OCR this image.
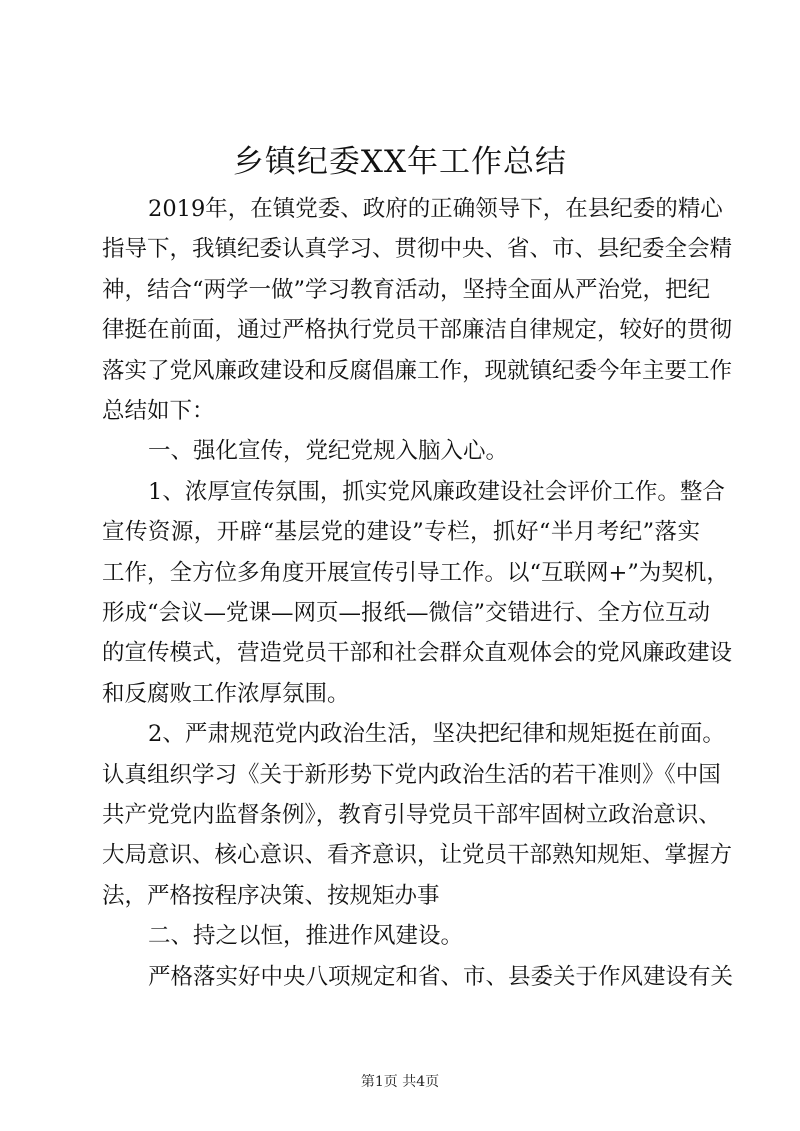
乡镇纪委XX年工作总结

2019年，在镇党委、政府的正确领导下，在县纪委的精心

指导下，我镇纪委认真学习、贯彻中央、省、市、县纪委全会精

神，结合“两学一做”学习教育活动，坚持全面从严治党，把纪

律挺在前面，通过严格执行党员干部廉洁自律规定，较好的贯彻

落实了党风廉政建设和反腐倡廉工作，现就镇纪委今年主要工作

总结如下：

一、强化宣传，党纪党规入脑入心。

1、浓厚宣传氛围，抓实党风廉政建设社会评价工作。整合

宣传资源，开辟“基层党的建设”专栏，抓好“半月考纪”落实

工作，全方位多角度开展宣传引导工作。以“互联网+”为契机，

形成“会议—党课—网页—报纸—微信”交错进行、全方位互动

的宣传模式，营造党员干部和社会群众直观体会的党风廉政建设

和反腐败工作浓厚氛围。

2、严肃规范党内政治生活，坚决把纪律和规矩挺在前面。

认真组织学习《关于新形势下党内政治生活的若干准则》《中国

共产党党内监督条例》，教育引导党员干部牢固树立政治意识、

大局意识、核心意识、看齐意识，让党员干部熟知规矩、掌握方

法，严格按程序决策、按规矩办事

二、持之以恒，推进作风建设。

严格落实好中央八项规定和省、市、县委关于作风建设有关

第1页 共4页
